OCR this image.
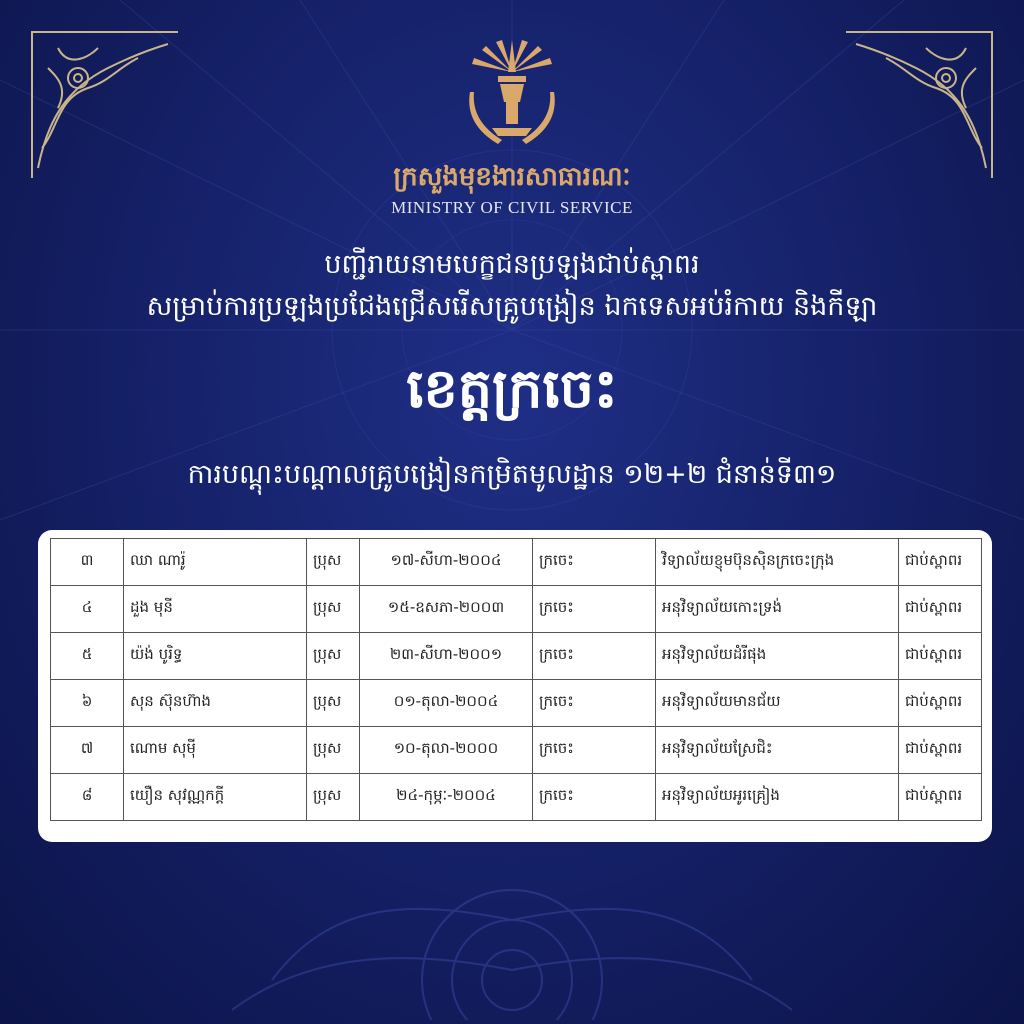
ក្រសួងមុខងារសាធារណៈ
MINISTRY OF CIVIL SERVICE
បញ្ជីរាយនាមបេក្ខជនប្រឡងជាប់ស្ពាពរ
សម្រាប់ការប្រឡងប្រជែងជ្រើសរើសគ្រូបង្រៀន ឯកទេសអប់រំកាយ និងកីឡា
ខេត្តក្រចេះ
ការបណ្តុះបណ្តាលគ្រូបង្រៀនកម្រិតមូលដ្ឋាន ១២+២ ជំនាន់ទី៣១
៣	ឈា ណារ៉ូ	ប្រុស	១៧-សីហា-២០០៤	ក្រចេះ	វិទ្យាល័យខ្ញុមប៊ុនស៊ិនក្រចេះក្រុង	ជាប់ស្ពាពរ
៤	ដួង មុនី	ប្រុស	១៥-ឧសភា-២០០៣	ក្រចេះ	អនុវិទ្យាល័យកោះទ្រង់	ជាប់ស្ពាពរ
៥	យ៉ង់ បូរិទ្ធ	ប្រុស	២៣-សីហា-២០០១	ក្រចេះ	អនុវិទ្យាល័យដំរីផុង	ជាប់ស្ពាពរ
៦	សុន ស៊ុនហ៊ាង	ប្រុស	០១-តុលា-២០០៤	ក្រចេះ	អនុវិទ្យាល័យមានជ័យ	ជាប់ស្ពាពរ
៧	ណោម សុម៉ី	ប្រុស	១០-តុលា-២០០០	ក្រចេះ	អនុវិទ្យាល័យស្រែជិះ	ជាប់ស្ពាពរ
៨	យឿន សុវណ្ណកក្តី	ប្រុស	២៤-កុម្ភៈ-២០០៤	ក្រចេះ	អនុវិទ្យាល័យអូរគ្រៀង	ជាប់ស្ពាពរ
